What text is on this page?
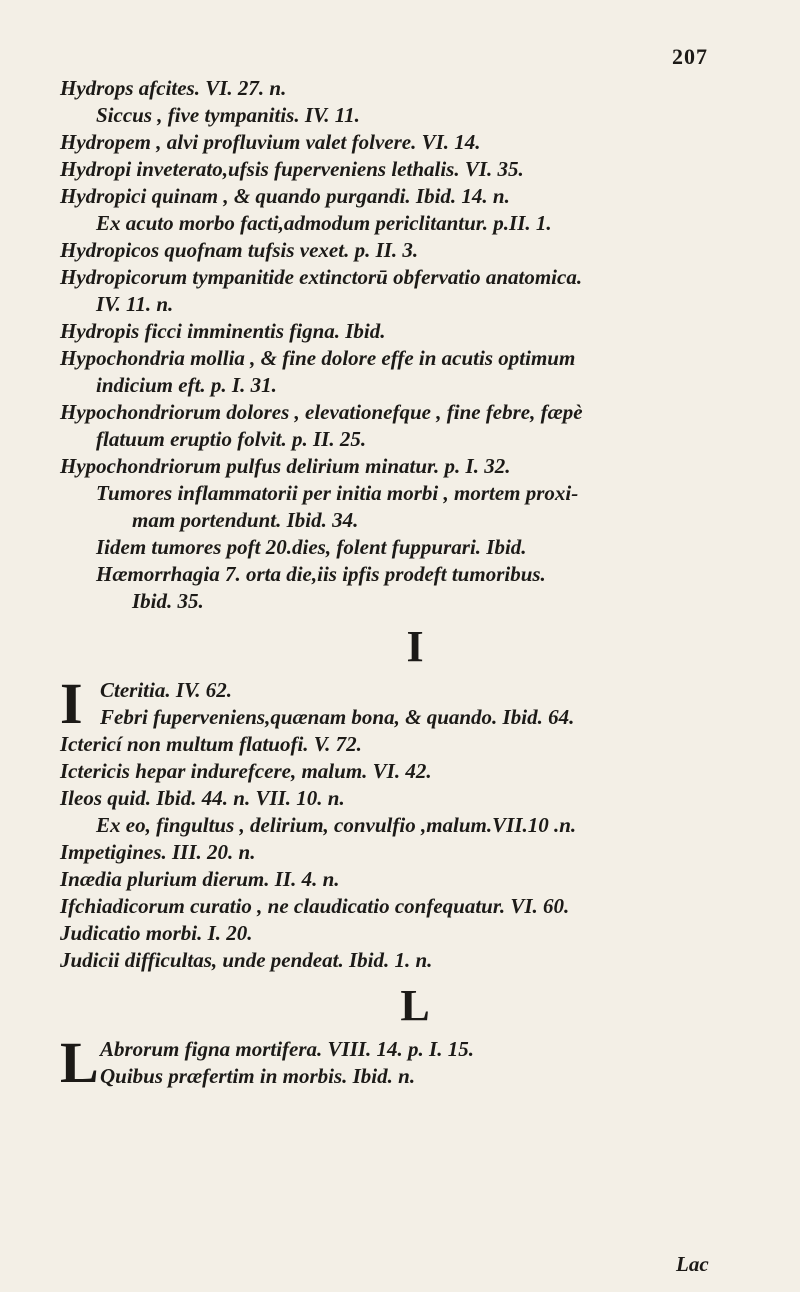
207
Hydrops afcites. VI. 27. n.
Siccus , five tympanitis. IV. 11.
Hydropem , alvi profluvium valet folvere. VI. 14.
Hydropi inveterato,ufsis fuperveniens lethalis. VI. 35.
Hydropici quinam , & quando purgandi. Ibid. 14. n.
Ex acuto morbo facti,admodum periclitantur. p.II. 1.
Hydropicos quofnam tufsis vexet. p. II. 3.
Hydropicorum tympanitide extinctorū obfervatio anatomica.
IV. 11. n.
Hydropis ficci imminentis figna. Ibid.
Hypochondria mollia , & fine dolore effe in acutis optimum
indicium eft. p. I. 31.
Hypochondriorum dolores , elevationefque , fine febre, fæpè
flatuum eruptio folvit. p. II. 25.
Hypochondriorum pulfus delirium minatur. p. I. 32.
Tumores inflammatorii per initia morbi , mortem proxi-
mam portendunt. Ibid. 34.
Iidem tumores poft 20.dies, folent fuppurari. Ibid.
Hæmorrhagia 7. orta die,iis ipfis prodeft tumoribus.
Ibid. 35.
I
I Cteritia. IV. 62.
Febri fuperveniens,quænam bona, & quando. Ibid. 64.
Ictericí non multum flatuofi. V. 72.
Ictericis hepar indurefcere, malum. VI. 42.
Ileos quid. Ibid. 44. n. VII. 10. n.
Ex eo, fingultus , delirium, convulfio ,malum.VII.10 .n.
Impetigines. III. 20. n.
Inædia plurium dierum. II. 4. n.
Ifchiadicorum curatio , ne claudicatio confequatur. VI. 60.
Judicatio morbi. I. 20.
Judicii difficultas, unde pendeat. Ibid. 1. n.
L
L Abrorum figna mortifera. VIII. 14. p. I. 15.
Quibus præfertim in morbis. Ibid. n.
Lac
